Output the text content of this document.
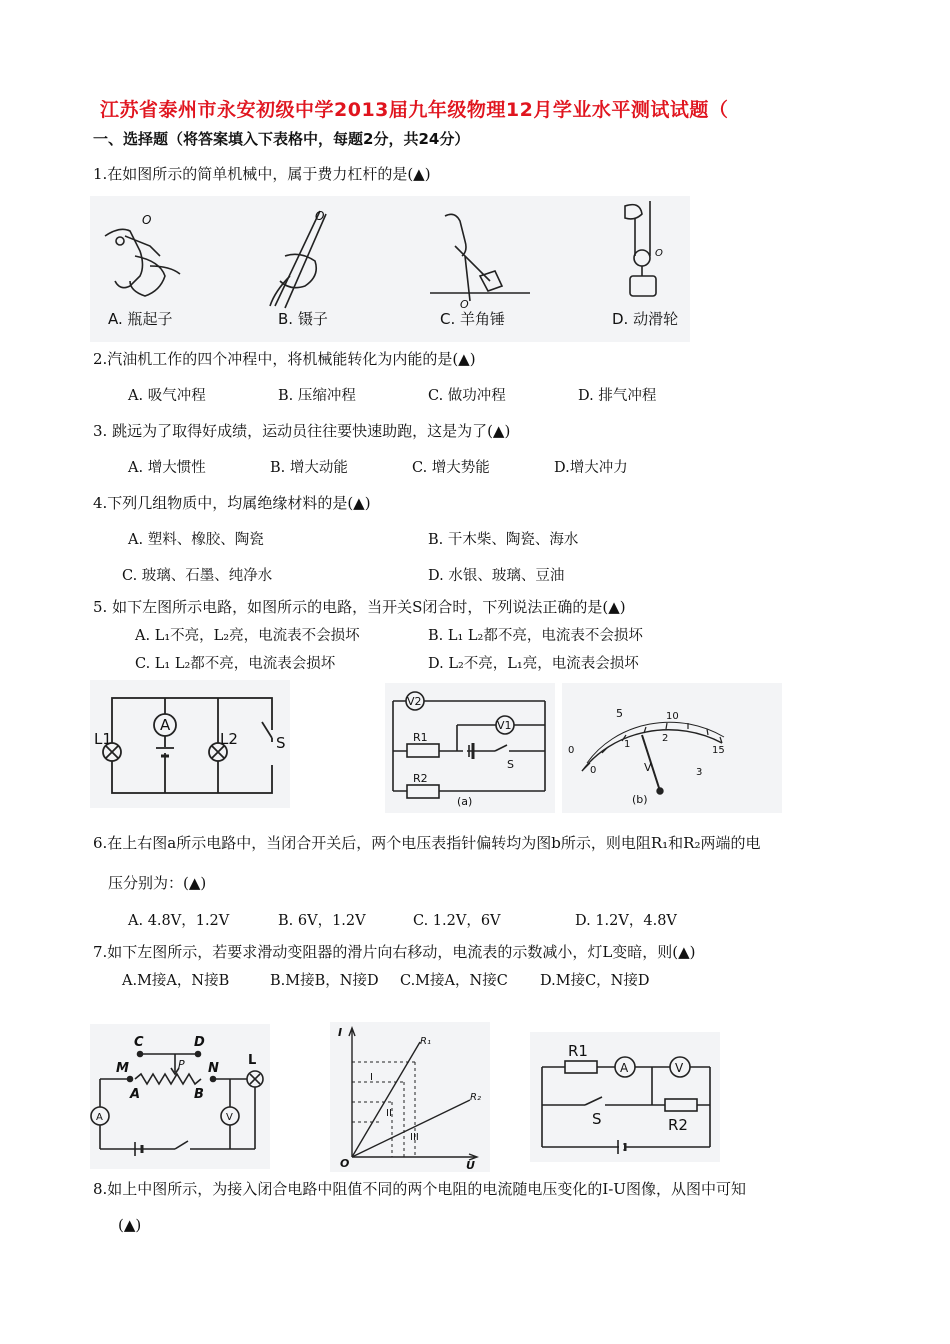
江苏省泰州市永安初级中学2013届九年级物理12月学业水平测试试题（
一、选择题（将答案填入下表格中，每题2分，共24分）
1.在如图所示的简单机械中，属于费力杠杆的是(▲)
O	O
O
O
A. 瓶起子	B. 镊子	C. 羊角锤	D. 动滑轮
2.汽油机工作的四个冲程中，将机械能转化为内能的是(▲)
A. 吸气冲程	B. 压缩冲程	C. 做功冲程	D. 排气冲程
3. 跳远为了取得好成绩，运动员往往要快速助跑，这是为了(▲)
A. 增大惯性	B. 增大动能	C. 增大势能	D.增大冲力
4.下列几组物质中，均属绝缘材料的是(▲)
A. 塑料、橡胶、陶瓷	B. 干木柴、陶瓷、海水
C. 玻璃、石墨、纯净水	D. 水银、玻璃、豆油
5. 如下左图所示电路，如图所示的电路，当开关S闭合时，下列说法正确的是(▲)
A. L₁不亮，L₂亮，电流表不会损坏	B. L₁ L₂都不亮，电流表不会损坏
C. L₁ L₂都不亮，电流表会损坏	D. L₂不亮，L₁亮，电流表会损坏
L1
A
L2	S
V2
V1
R1
S
R2
(a)
0
5	10
15
0
1
2
3
V
(b)
6.在上右图a所示电路中，当闭合开关后，两个电压表指针偏转均为图b所示，则电阻R₁和R₂两端的电
压分别为：(▲)
A. 4.8V，1.2V	B. 6V，1.2V	C. 1.2V，6V	D. 1.2V，4.8V
7.如下左图所示，若要求滑动变阻器的滑片向右移动，电流表的示数减小，灯L变暗，则(▲)
A.M接A，N接B	B.M接B，N接D C.M接A，N接C D.M接C，N接D
C	D
M	N
P
A	B
L
A	V
I
U
O
R₁
R₂
I
II
III
R1
A	V
S	R2
8.如上中图所示，为接入闭合电路中阻值不同的两个电阻的电流随电压变化的I-U图像，从图中可知
(▲)
